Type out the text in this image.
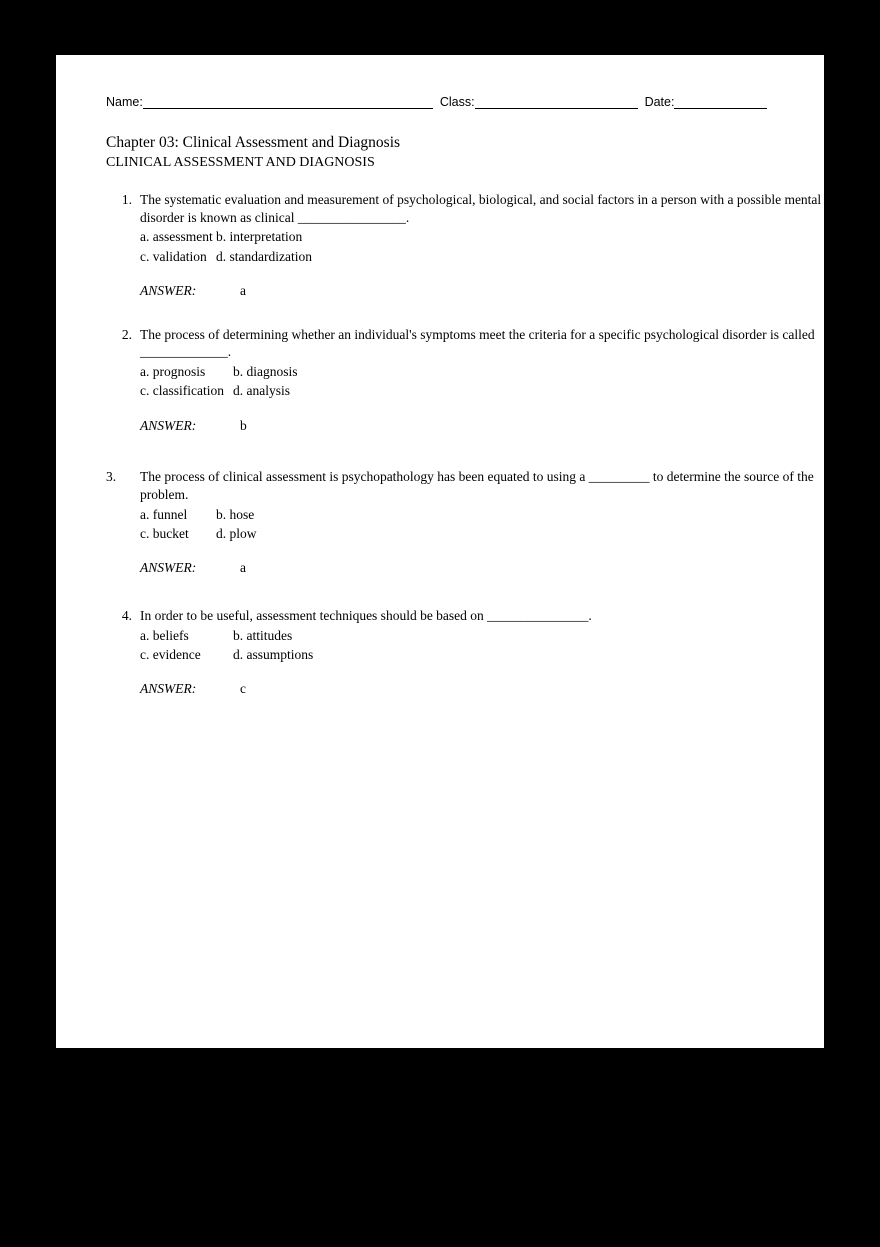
Name:	Class:	Date:

Chapter 03: Clinical Assessment and Diagnosis

CLINICAL ASSESSMENT AND DIAGNOSIS

1. The systematic evaluation and measurement of psychological, biological, and social factors in a person with a possible mental disorder is known as clinical ________________.

a. assessment b. interpretation
c. validation d. standardization
ANSWER:	a
2. The process of determining whether an individual's symptoms meet the criteria for a specific psychological disorder is called _____________.

a. prognosis	b. diagnosis
c. classification d. analysis
ANSWER:	b
3.	The process of clinical assessment is psychopathology has been equated to using a _________ to determine the source of the problem.

a. funnel	b. hose
c. bucket	d. plow
ANSWER:	a
4. In order to be useful, assessment techniques should be based on _______________.

a. beliefs	b. attitudes
c. evidence	d. assumptions
ANSWER:	c
